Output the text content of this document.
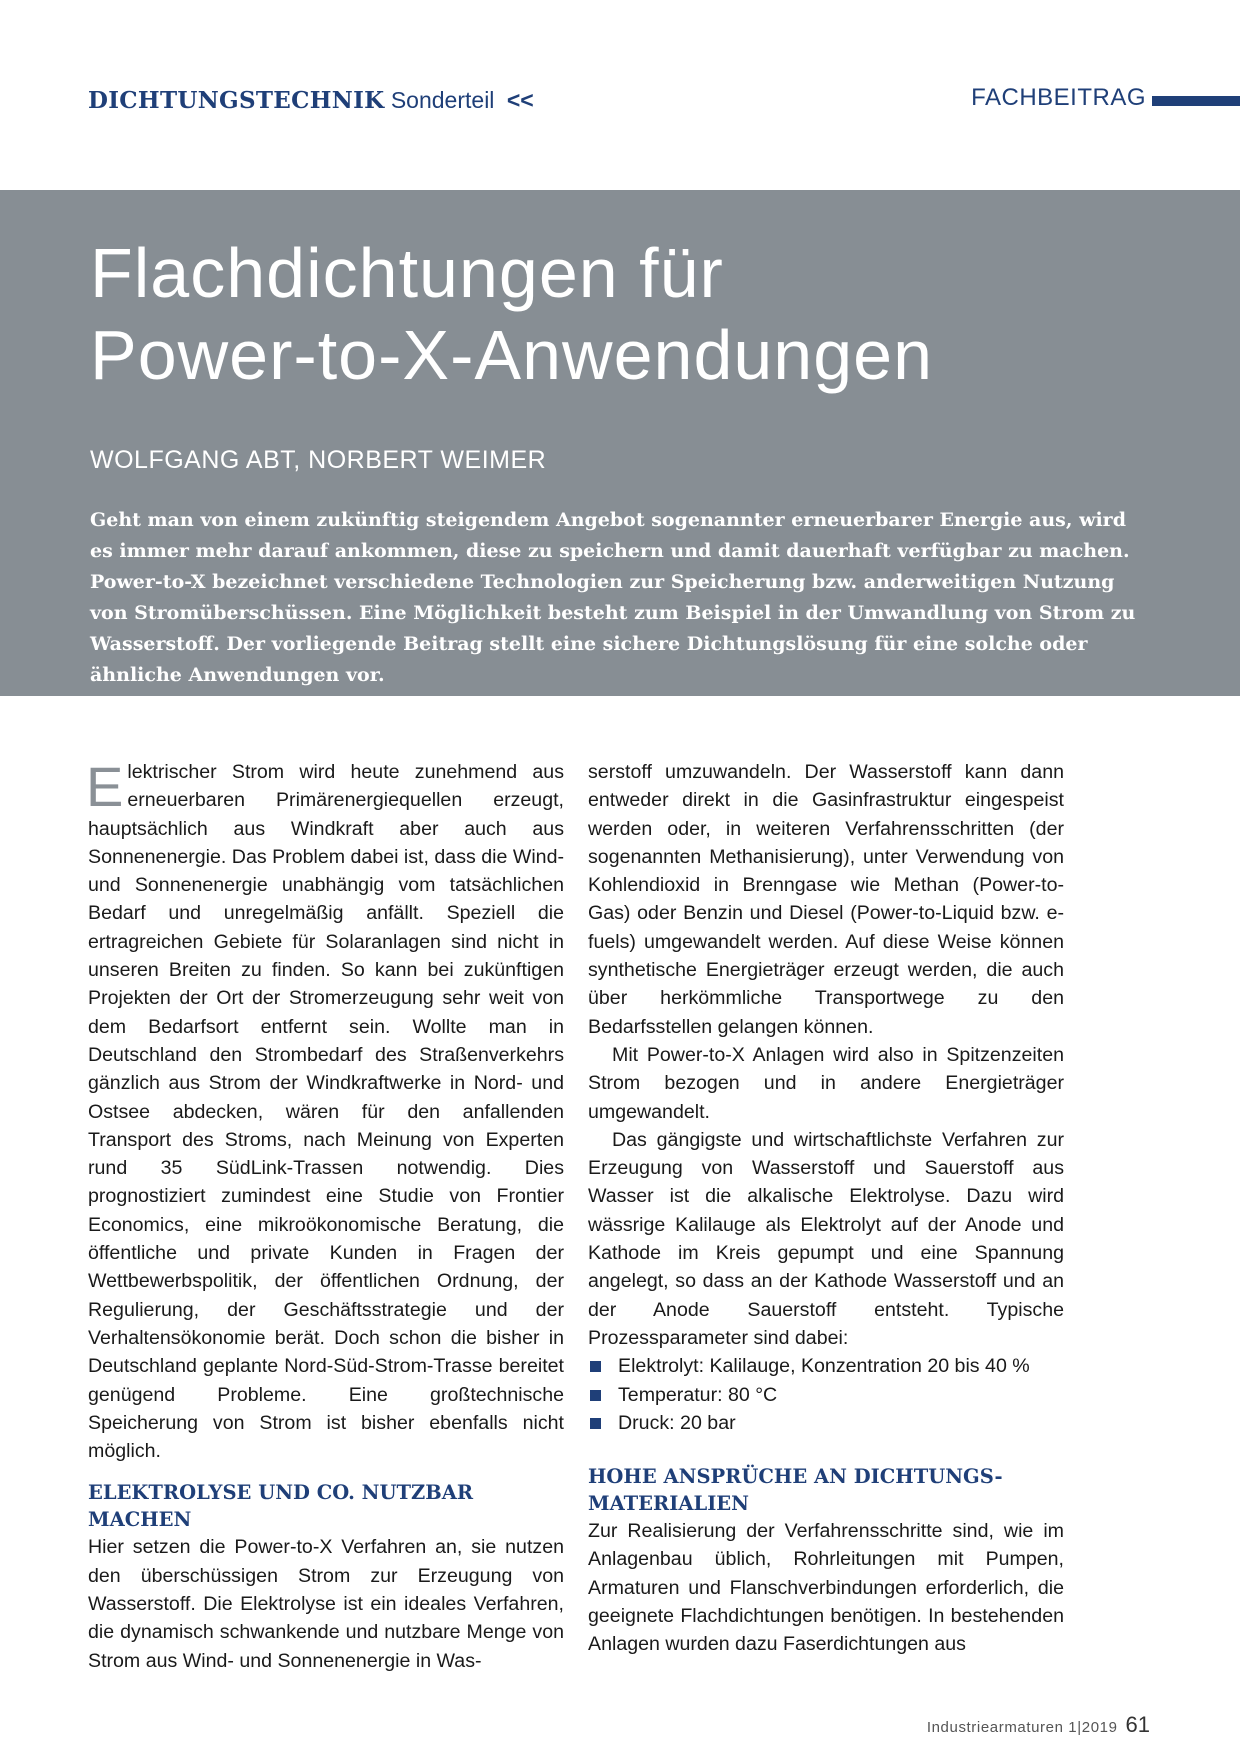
DICHTUNGSTECHNIK Sonderteil <<	FACHBEITRAG
Flachdichtungen für
Power-to-X-Anwendungen
WOLFGANG ABT, NORBERT WEIMER

Geht man von einem zukünftig steigendem Angebot sogenannter erneuerbarer Energie aus, wird es immer mehr darauf ankommen, diese zu speichern und damit dauerhaft verfügbar zu machen. Power-to-X bezeichnet verschiedene Technologien zur Speicherung bzw. anderweitigen Nutzung von Stromüberschüssen. Eine Möglichkeit besteht zum Beispiel in der Umwandlung von Strom zu Wasserstoff. Der vorliegende Beitrag stellt eine sichere Dichtungslösung für eine solche oder ähnliche Anwendungen vor.

Elektrischer Strom wird heute zunehmend aus erneuerbaren Primärenergiequellen erzeugt, hauptsächlich aus Windkraft aber auch aus Sonnenenergie. Das Problem dabei ist, dass die Wind- und Sonnenenergie unabhängig vom tatsächlichen Bedarf und unregelmäßig anfällt. Speziell die ertragreichen Gebiete für Solaranlagen sind nicht in unseren Breiten zu finden. So kann bei zukünftigen Projekten der Ort der Stromerzeugung sehr weit von dem Bedarfsort entfernt sein. Wollte man in Deutschland den Strombedarf des Straßenverkehrs gänzlich aus Strom der Windkraftwerke in Nord- und Ostsee abdecken, wären für den anfallenden Transport des Stroms, nach Meinung von Experten rund 35 SüdLink-Trassen notwendig. Dies prognostiziert zumindest eine Studie von Frontier Economics, eine mikroökonomische Beratung, die öffentliche und private Kunden in Fragen der Wettbewerbspolitik, der öffentlichen Ordnung, der Regulierung, der Geschäftsstrategie und der Verhaltensökonomie berät. Doch schon die bisher in Deutschland geplante Nord-Süd-Strom-Trasse bereitet genügend Probleme. Eine großtechnische Speicherung von Strom ist bisher ebenfalls nicht möglich.

ELEKTROLYSE UND CO. NUTZBAR MACHEN

Hier setzen die Power-to-X Verfahren an, sie nutzen den überschüssigen Strom zur Erzeugung von Wasserstoff. Die Elektrolyse ist ein ideales Verfahren, die dynamisch schwankende und nutzbare Menge von Strom aus Wind- und Sonnenenergie in Was-

serstoff umzuwandeln. Der Wasserstoff kann dann entweder direkt in die Gasinfrastruktur eingespeist werden oder, in weiteren Verfahrensschritten (der sogenannten Methanisierung), unter Verwendung von Kohlendioxid in Brenngase wie Methan (Power-to-Gas) oder Benzin und Diesel (Power-to-Liquid bzw. e-fuels) umgewandelt werden. Auf diese Weise können synthetische Energieträger erzeugt werden, die auch über herkömmliche Transportwege zu den Bedarfsstellen gelangen können.

Mit Power-to-X Anlagen wird also in Spitzenzeiten Strom bezogen und in andere Energieträger umgewandelt.

Das gängigste und wirtschaftlichste Verfahren zur Erzeugung von Wasserstoff und Sauerstoff aus Wasser ist die alkalische Elektrolyse. Dazu wird wässrige Kalilauge als Elektrolyt auf der Anode und Kathode im Kreis gepumpt und eine Spannung angelegt, so dass an der Kathode Wasserstoff und an der Anode Sauerstoff entsteht. Typische Prozessparameter sind dabei:

Elektrolyt: Kalilauge, Konzentration 20 bis 40 %
Temperatur: 80 °C
Druck: 20 bar

HOHE ANSPRÜCHE AN DICHTUNGS-MATERIALIEN

Zur Realisierung der Verfahrensschritte sind, wie im Anlagenbau üblich, Rohrleitungen mit Pumpen, Armaturen und Flanschverbindungen erforderlich, die geeignete Flachdichtungen benötigen. In bestehenden Anlagen wurden dazu Faserdichtungen aus

Industriearmaturen 1|2019 61
